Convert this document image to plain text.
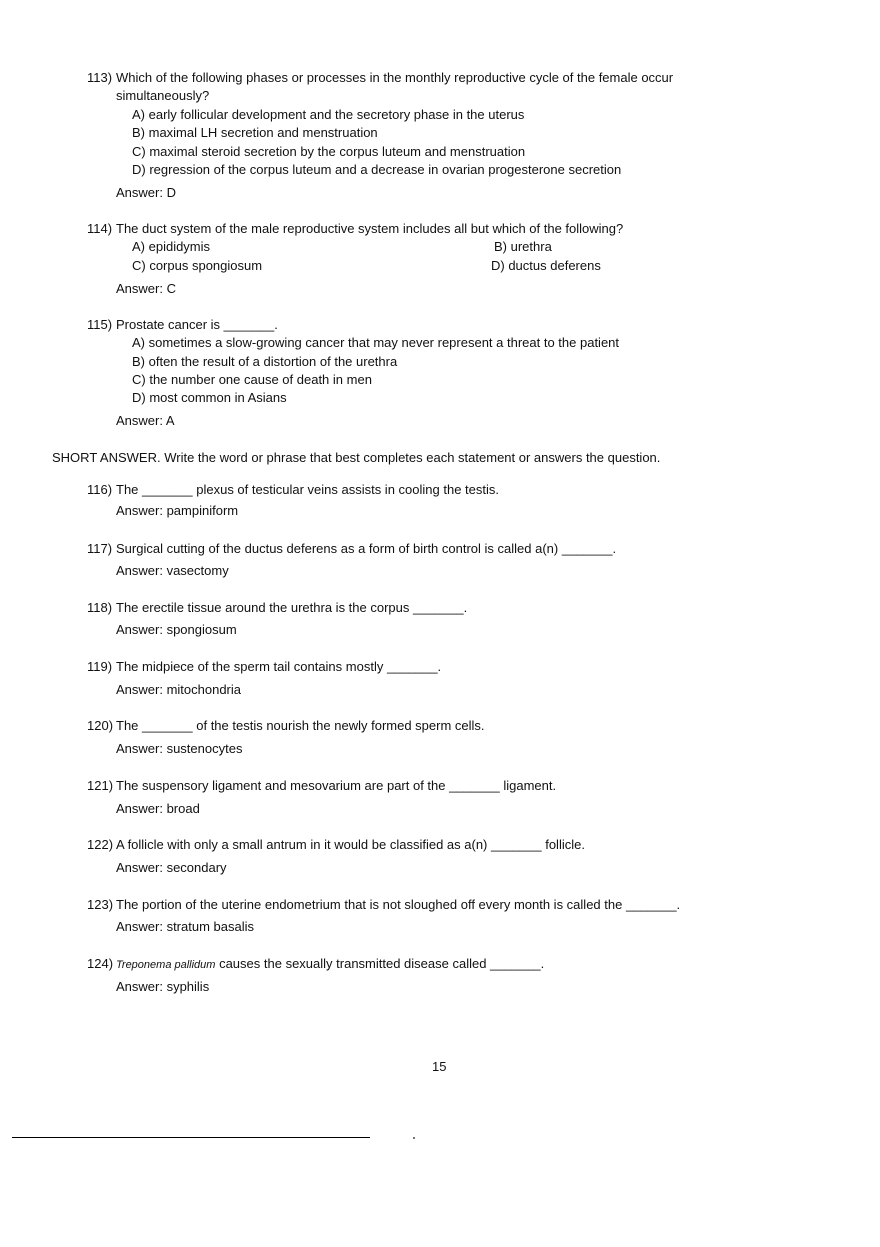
113) Which of the following phases or processes in the monthly reproductive cycle of the female occur
simultaneously?
A) early follicular development and the secretory phase in the uterus
B) maximal LH secretion and menstruation
C) maximal steroid secretion by the corpus luteum and menstruation
D) regression of the corpus luteum and a decrease in ovarian progesterone secretion
Answer: D
114) The duct system of the male reproductive system includes all but which of the following?
A) epididymis	B) urethra
C) corpus spongiosum	D) ductus deferens
Answer: C
115) Prostate cancer is _______.
A) sometimes a slow-growing cancer that may never represent a threat to the patient
B) often the result of a distortion of the urethra
C) the number one cause of death in men
D) most common in Asians
Answer: A
SHORT ANSWER. Write the word or phrase that best completes each statement or answers the question.
116) The _______ plexus of testicular veins assists in cooling the testis.
Answer: pampiniform
117) Surgical cutting of the ductus deferens as a form of birth control is called a(n) _______.
Answer: vasectomy
118) The erectile tissue around the urethra is the corpus _______.
Answer: spongiosum
119) The midpiece of the sperm tail contains mostly _______.
Answer: mitochondria
120) The _______ of the testis nourish the newly formed sperm cells.
Answer: sustenocytes
121) The suspensory ligament and mesovarium are part of the _______ ligament.
Answer: broad
122) A follicle with only a small antrum in it would be classified as a(n) _______ follicle.
Answer: secondary
123) The portion of the uterine endometrium that is not sloughed off every month is called the _______.
Answer: stratum basalis
124) Treponema pallidum causes the sexually transmitted disease called _______.
Answer: syphilis
15
